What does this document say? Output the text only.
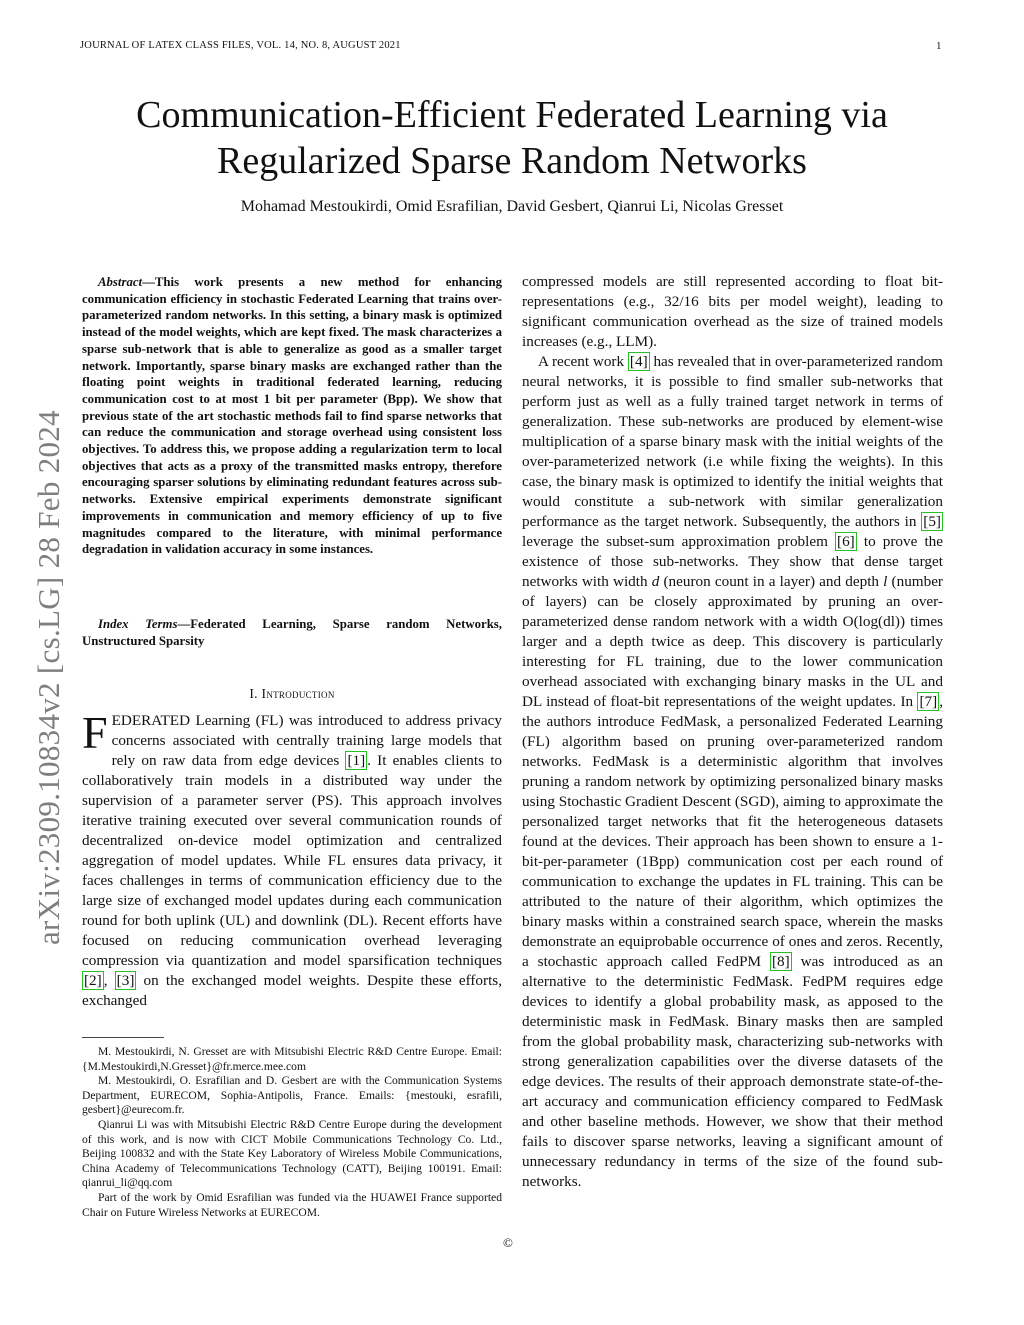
JOURNAL OF LATEX CLASS FILES, VOL. 14, NO. 8, AUGUST 2021	1
Communication-Efficient Federated Learning via
Regularized Sparse Random Networks
Mohamad Mestoukirdi, Omid Esrafilian, David Gesbert, Qianrui Li, Nicolas Gresset
arXiv:2309.10834v2 [cs.LG] 28 Feb 2024

Abstract—This work presents a new method for enhancing communication efficiency in stochastic Federated Learning that trains over-parameterized random networks. In this setting, a binary mask is optimized instead of the model weights, which are kept fixed. The mask characterizes a sparse sub-network that is able to generalize as good as a smaller target network. Importantly, sparse binary masks are exchanged rather than the floating point weights in traditional federated learning, reducing communication cost to at most 1 bit per parameter (Bpp). We show that previous state of the art stochastic methods fail to find sparse networks that can reduce the communication and storage overhead using consistent loss objectives. To address this, we propose adding a regularization term to local objectives that acts as a proxy of the transmitted masks entropy, therefore encouraging sparser solutions by eliminating redundant features across sub-networks. Extensive empirical experiments demonstrate significant improvements in communication and memory efficiency of up to five magnitudes compared to the literature, with minimal performance degradation in validation accuracy in some instances.

Index Terms—Federated Learning, Sparse random Networks, Unstructured Sparsity

I. Introduction

FEDERATED Learning (FL) was introduced to address privacy concerns associated with centrally training large models that rely on raw data from edge devices [1] . It enables clients to collaboratively train models in a distributed way under the supervision of a parameter server (PS). This approach involves iterative training executed over several communication rounds of decentralized on-device model optimization and centralized aggregation of model updates. While FL ensures data privacy, it faces challenges in terms of communication efficiency due to the large size of exchanged model updates during each communication round for both uplink (UL) and downlink (DL). Recent efforts have focused on reducing communication overhead leveraging compression via quantization and model sparsification techniques [2] , [3] on the exchanged model weights. Despite these efforts, exchanged

M. Mestoukirdi, N. Gresset are with Mitsubishi Electric R&D Centre Europe. Email: {M.Mestoukirdi,N.Gresset}@fr.merce.mee.com

M. Mestoukirdi, O. Esrafilian and D. Gesbert are with the Communication Systems Department, EURECOM, Sophia-Antipolis, France. Emails: {mestouki, esrafili, gesbert}@eurecom.fr.

Qianrui Li was with Mitsubishi Electric R&D Centre Europe during the development of this work, and is now with CICT Mobile Communications Technology Co. Ltd., Beijing 100832 and with the State Key Laboratory of Wireless Mobile Communications, China Academy of Telecommunications Technology (CATT), Beijing 100191. Email: qianrui_li@qq.com

Part of the work by Omid Esrafilian was funded via the HUAWEI France supported Chair on Future Wireless Networks at EURECOM.

compressed models are still represented according to float bit-representations (e.g., 32/16 bits per model weight), leading to significant communication overhead as the size of trained models increases (e.g., LLM).

A recent work [4] has revealed that in over-parameterized random neural networks, it is possible to find smaller sub-networks that perform just as well as a fully trained target network in terms of generalization. These sub-networks are produced by element-wise multiplication of a sparse binary mask with the initial weights of the over-parameterized network (i.e while fixing the weights). In this case, the binary mask is optimized to identify the initial weights that would constitute a sub-network with similar generalization performance as the target network. Subsequently, the authors in [5] leverage the subset-sum approximation problem [6] to prove the existence of those sub-networks. They show that dense target networks with width d (neuron count in a layer) and depth l (number of layers) can be closely approximated by pruning an over-parameterized dense random network with a width O(log(dl)) times larger and a depth twice as deep. This discovery is particularly interesting for FL training, due to the lower communication overhead associated with exchanging binary masks in the UL and DL instead of float-bit representations of the weight updates. In [7] , the authors introduce FedMask, a personalized Federated Learning (FL) algorithm based on pruning over-parameterized random networks. FedMask is a deterministic algorithm that involves pruning a random network by optimizing personalized binary masks using Stochastic Gradient Descent (SGD), aiming to approximate the personalized target networks that fit the heterogeneous datasets found at the devices. Their approach has been shown to ensure a 1-bit-per-parameter (1Bpp) communication cost per each round of communication to exchange the updates in FL training. This can be attributed to the nature of their algorithm, which optimizes the binary masks within a constrained search space, wherein the masks demonstrate an equiprobable occurrence of ones and zeros. Recently, a stochastic approach called FedPM [8] was introduced as an alternative to the deterministic FedMask. FedPM requires edge devices to identify a global probability mask, as apposed to the deterministic mask in FedMask. Binary masks then are sampled from the global probability mask, characterizing sub-networks with strong generalization capabilities over the diverse datasets of the edge devices. The results of their approach demonstrate state-of-the-art accuracy and communication efficiency compared to FedMask and other baseline methods. However, we show that their method fails to discover sparse networks, leaving a significant amount of unnecessary redundancy in terms of the size of the found sub-networks.

©
